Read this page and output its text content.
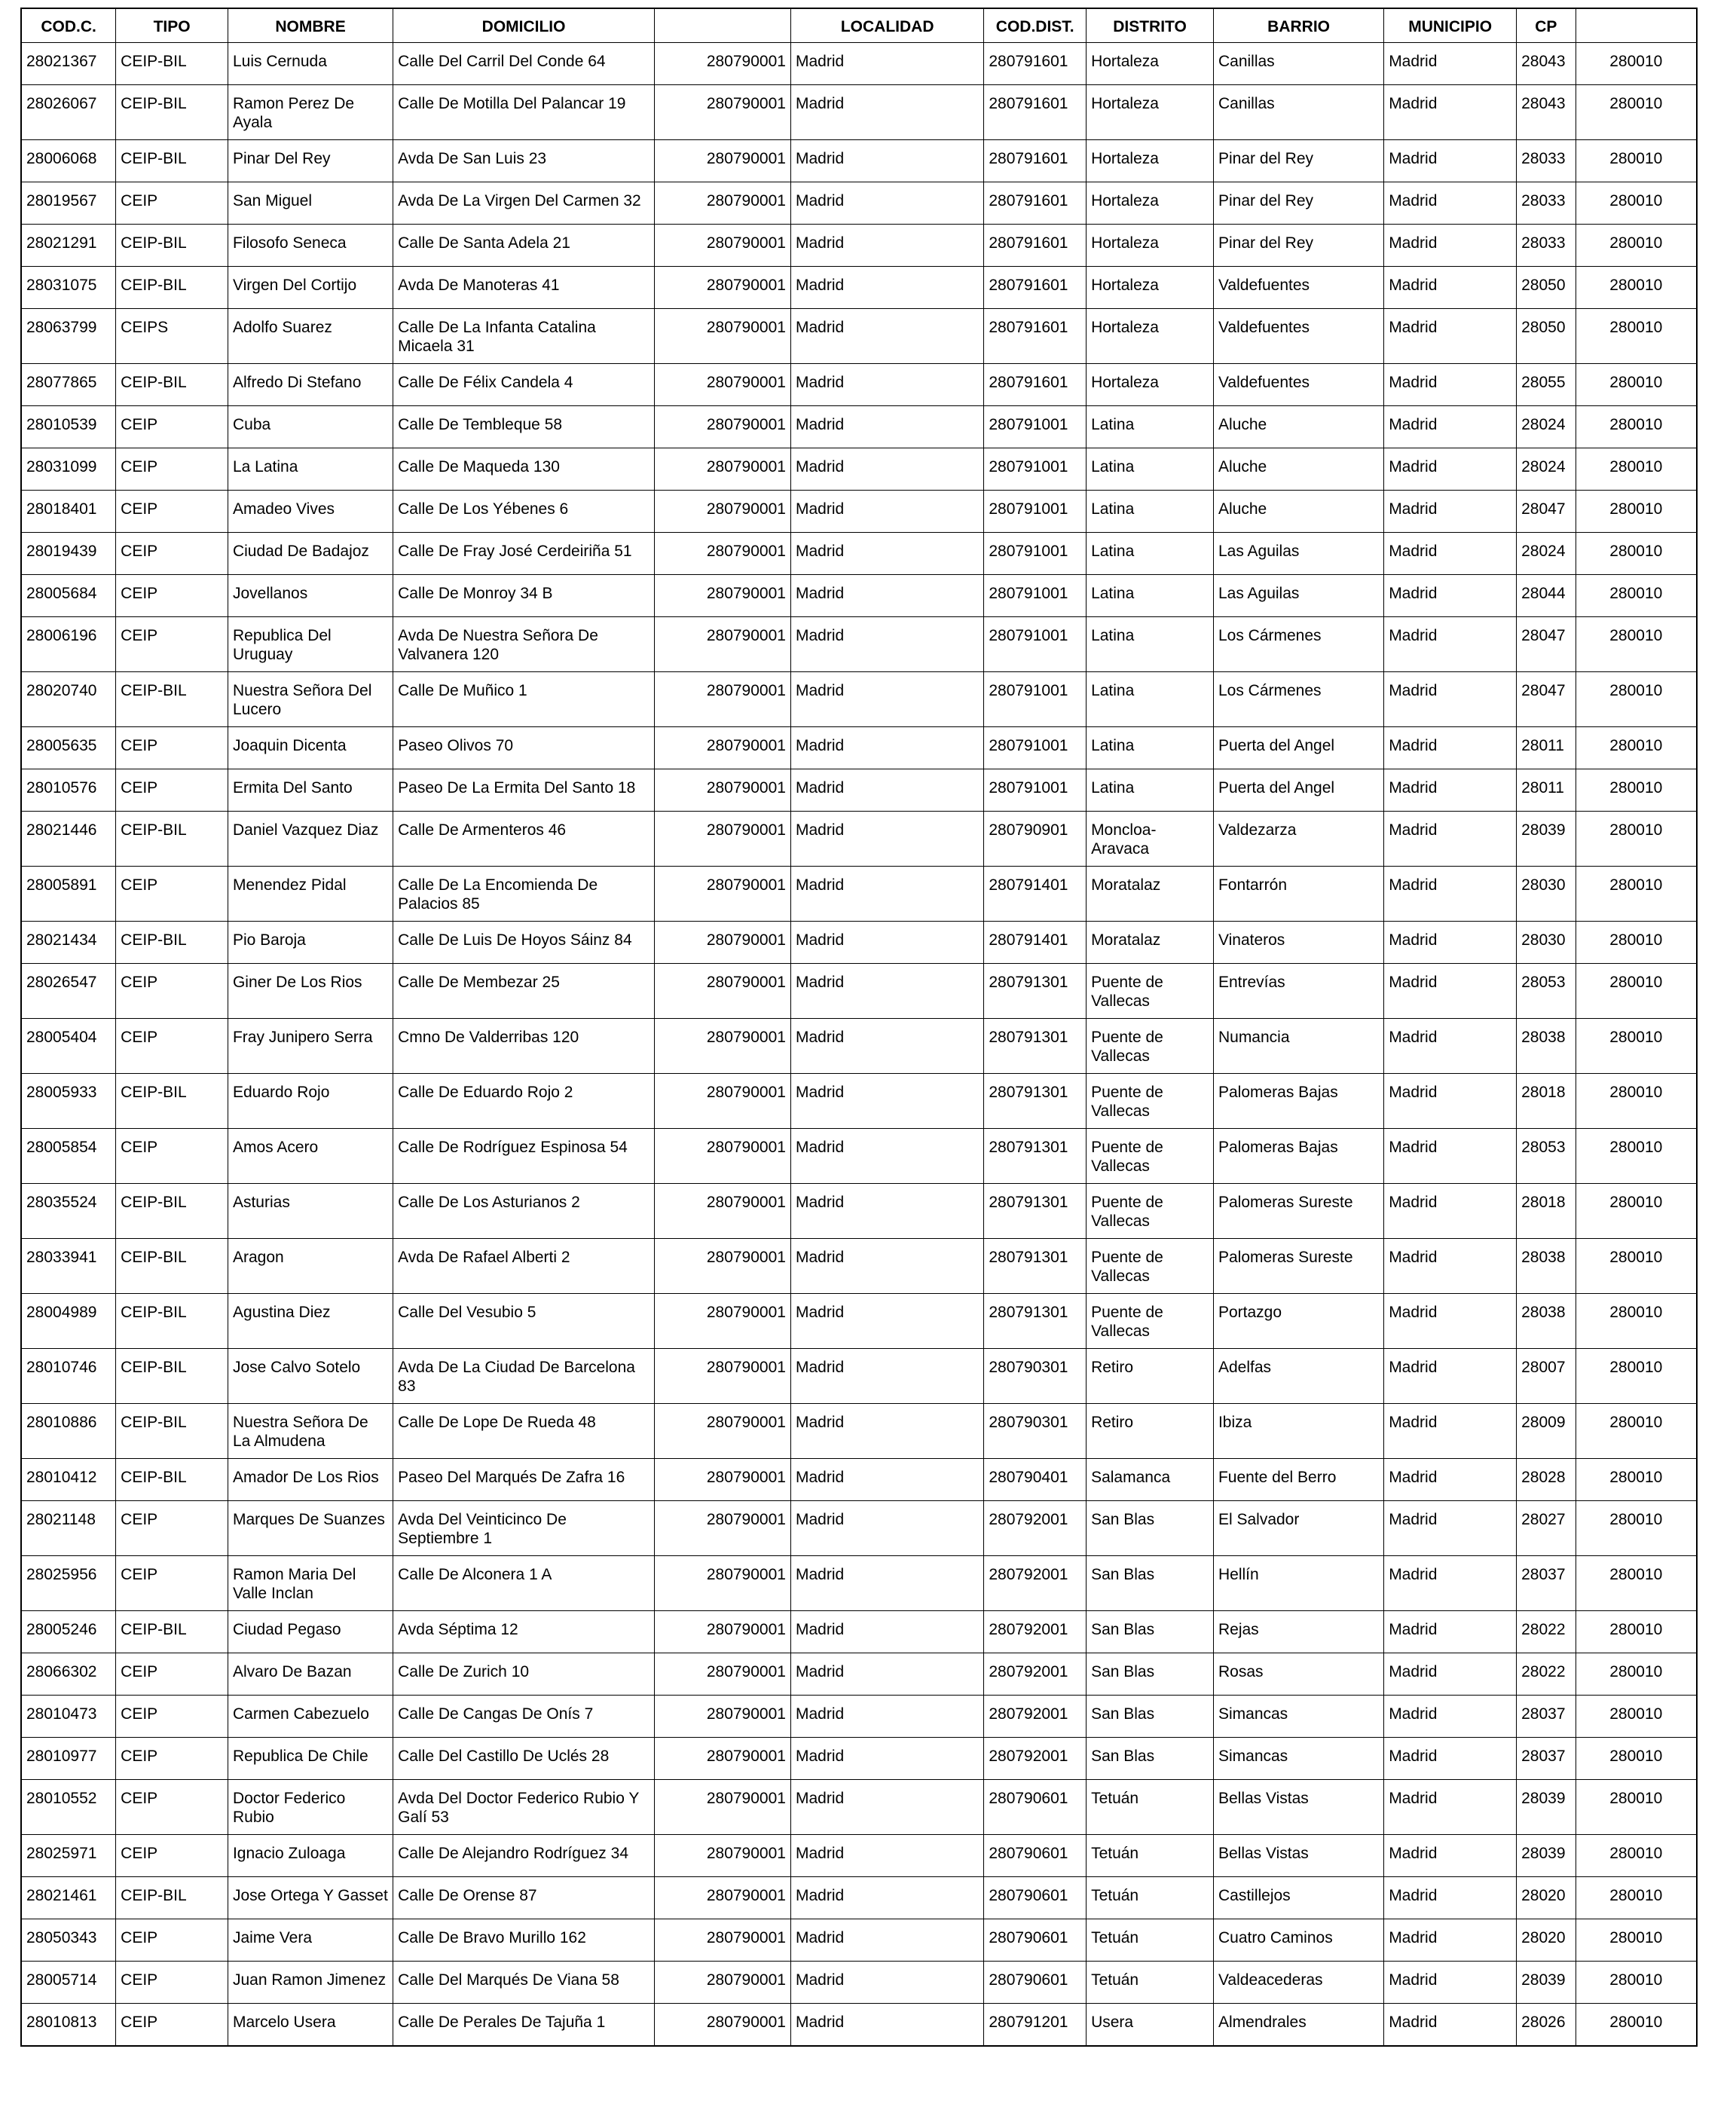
COD.C.	TIPO	NOMBRE	DOMICILIO		LOCALIDAD	COD.DIST.	DISTRITO	BARRIO	MUNICIPIO	CP	
28021367	CEIP-BIL	Luis Cernuda	Calle Del Carril Del Conde 64	280790001	Madrid	280791601	Hortaleza	Canillas	Madrid	28043	280010
28026067	CEIP-BIL	Ramon Perez De Ayala	Calle De Motilla Del Palancar 19	280790001	Madrid	280791601	Hortaleza	Canillas	Madrid	28043	280010
28006068	CEIP-BIL	Pinar Del Rey	Avda De San Luis 23	280790001	Madrid	280791601	Hortaleza	Pinar del Rey	Madrid	28033	280010
28019567	CEIP	San Miguel	Avda De La Virgen Del Carmen 32	280790001	Madrid	280791601	Hortaleza	Pinar del Rey	Madrid	28033	280010
28021291	CEIP-BIL	Filosofo Seneca	Calle De Santa Adela 21	280790001	Madrid	280791601	Hortaleza	Pinar del Rey	Madrid	28033	280010
28031075	CEIP-BIL	Virgen Del Cortijo	Avda De Manoteras 41	280790001	Madrid	280791601	Hortaleza	Valdefuentes	Madrid	28050	280010
28063799	CEIPS	Adolfo Suarez	Calle De La Infanta Catalina Micaela 31	280790001	Madrid	280791601	Hortaleza	Valdefuentes	Madrid	28050	280010
28077865	CEIP-BIL	Alfredo Di Stefano	Calle De Félix Candela 4	280790001	Madrid	280791601	Hortaleza	Valdefuentes	Madrid	28055	280010
28010539	CEIP	Cuba	Calle De Tembleque 58	280790001	Madrid	280791001	Latina	Aluche	Madrid	28024	280010
28031099	CEIP	La Latina	Calle De Maqueda 130	280790001	Madrid	280791001	Latina	Aluche	Madrid	28024	280010
28018401	CEIP	Amadeo Vives	Calle De Los Yébenes 6	280790001	Madrid	280791001	Latina	Aluche	Madrid	28047	280010
28019439	CEIP	Ciudad De Badajoz	Calle De Fray José Cerdeiriña 51	280790001	Madrid	280791001	Latina	Las Aguilas	Madrid	28024	280010
28005684	CEIP	Jovellanos	Calle De Monroy 34 B	280790001	Madrid	280791001	Latina	Las Aguilas	Madrid	28044	280010
28006196	CEIP	Republica Del Uruguay	Avda De Nuestra Señora De Valvanera 120	280790001	Madrid	280791001	Latina	Los Cármenes	Madrid	28047	280010
28020740	CEIP-BIL	Nuestra Señora Del Lucero	Calle De Muñico 1	280790001	Madrid	280791001	Latina	Los Cármenes	Madrid	28047	280010
28005635	CEIP	Joaquin Dicenta	Paseo Olivos 70	280790001	Madrid	280791001	Latina	Puerta del Angel	Madrid	28011	280010
28010576	CEIP	Ermita Del Santo	Paseo De La Ermita Del Santo 18	280790001	Madrid	280791001	Latina	Puerta del Angel	Madrid	28011	280010
28021446	CEIP-BIL	Daniel Vazquez Diaz	Calle De Armenteros 46	280790001	Madrid	280790901	Moncloa-Aravaca	Valdezarza	Madrid	28039	280010
28005891	CEIP	Menendez Pidal	Calle De La Encomienda De Palacios 85	280790001	Madrid	280791401	Moratalaz	Fontarrón	Madrid	28030	280010
28021434	CEIP-BIL	Pio Baroja	Calle De Luis De Hoyos Sáinz 84	280790001	Madrid	280791401	Moratalaz	Vinateros	Madrid	28030	280010
28026547	CEIP	Giner De Los Rios	Calle De Membezar 25	280790001	Madrid	280791301	Puente de Vallecas	Entrevías	Madrid	28053	280010
28005404	CEIP	Fray Junipero Serra	Cmno De Valderribas 120	280790001	Madrid	280791301	Puente de Vallecas	Numancia	Madrid	28038	280010
28005933	CEIP-BIL	Eduardo Rojo	Calle De Eduardo Rojo 2	280790001	Madrid	280791301	Puente de Vallecas	Palomeras Bajas	Madrid	28018	280010
28005854	CEIP	Amos Acero	Calle De Rodríguez Espinosa 54	280790001	Madrid	280791301	Puente de Vallecas	Palomeras Bajas	Madrid	28053	280010
28035524	CEIP-BIL	Asturias	Calle De Los Asturianos 2	280790001	Madrid	280791301	Puente de Vallecas	Palomeras Sureste	Madrid	28018	280010
28033941	CEIP-BIL	Aragon	Avda De Rafael Alberti 2	280790001	Madrid	280791301	Puente de Vallecas	Palomeras Sureste	Madrid	28038	280010
28004989	CEIP-BIL	Agustina Diez	Calle Del Vesubio 5	280790001	Madrid	280791301	Puente de Vallecas	Portazgo	Madrid	28038	280010
28010746	CEIP-BIL	Jose Calvo Sotelo	Avda De La Ciudad De Barcelona 83	280790001	Madrid	280790301	Retiro	Adelfas	Madrid	28007	280010
28010886	CEIP-BIL	Nuestra Señora De La Almudena	Calle De Lope De Rueda 48	280790001	Madrid	280790301	Retiro	Ibiza	Madrid	28009	280010
28010412	CEIP-BIL	Amador De Los Rios	Paseo Del Marqués De Zafra 16	280790001	Madrid	280790401	Salamanca	Fuente del Berro	Madrid	28028	280010
28021148	CEIP	Marques De Suanzes	Avda Del Veinticinco De Septiembre 1	280790001	Madrid	280792001	San Blas	El Salvador	Madrid	28027	280010
28025956	CEIP	Ramon Maria Del Valle Inclan	Calle De Alconera 1 A	280790001	Madrid	280792001	San Blas	Hellín	Madrid	28037	280010
28005246	CEIP-BIL	Ciudad Pegaso	Avda Séptima 12	280790001	Madrid	280792001	San Blas	Rejas	Madrid	28022	280010
28066302	CEIP	Alvaro De Bazan	Calle De Zurich 10	280790001	Madrid	280792001	San Blas	Rosas	Madrid	28022	280010
28010473	CEIP	Carmen Cabezuelo	Calle De Cangas De Onís 7	280790001	Madrid	280792001	San Blas	Simancas	Madrid	28037	280010
28010977	CEIP	Republica De Chile	Calle Del Castillo De Uclés 28	280790001	Madrid	280792001	San Blas	Simancas	Madrid	28037	280010
28010552	CEIP	Doctor Federico Rubio	Avda Del Doctor Federico Rubio Y Galí 53	280790001	Madrid	280790601	Tetuán	Bellas Vistas	Madrid	28039	280010
28025971	CEIP	Ignacio Zuloaga	Calle De Alejandro Rodríguez 34	280790001	Madrid	280790601	Tetuán	Bellas Vistas	Madrid	28039	280010
28021461	CEIP-BIL	Jose Ortega Y Gasset	Calle De Orense 87	280790001	Madrid	280790601	Tetuán	Castillejos	Madrid	28020	280010
28050343	CEIP	Jaime Vera	Calle De Bravo Murillo 162	280790001	Madrid	280790601	Tetuán	Cuatro Caminos	Madrid	28020	280010
28005714	CEIP	Juan Ramon Jimenez	Calle Del Marqués De Viana 58	280790001	Madrid	280790601	Tetuán	Valdeacederas	Madrid	28039	280010
28010813	CEIP	Marcelo Usera	Calle De Perales De Tajuña 1	280790001	Madrid	280791201	Usera	Almendrales	Madrid	28026	280010
